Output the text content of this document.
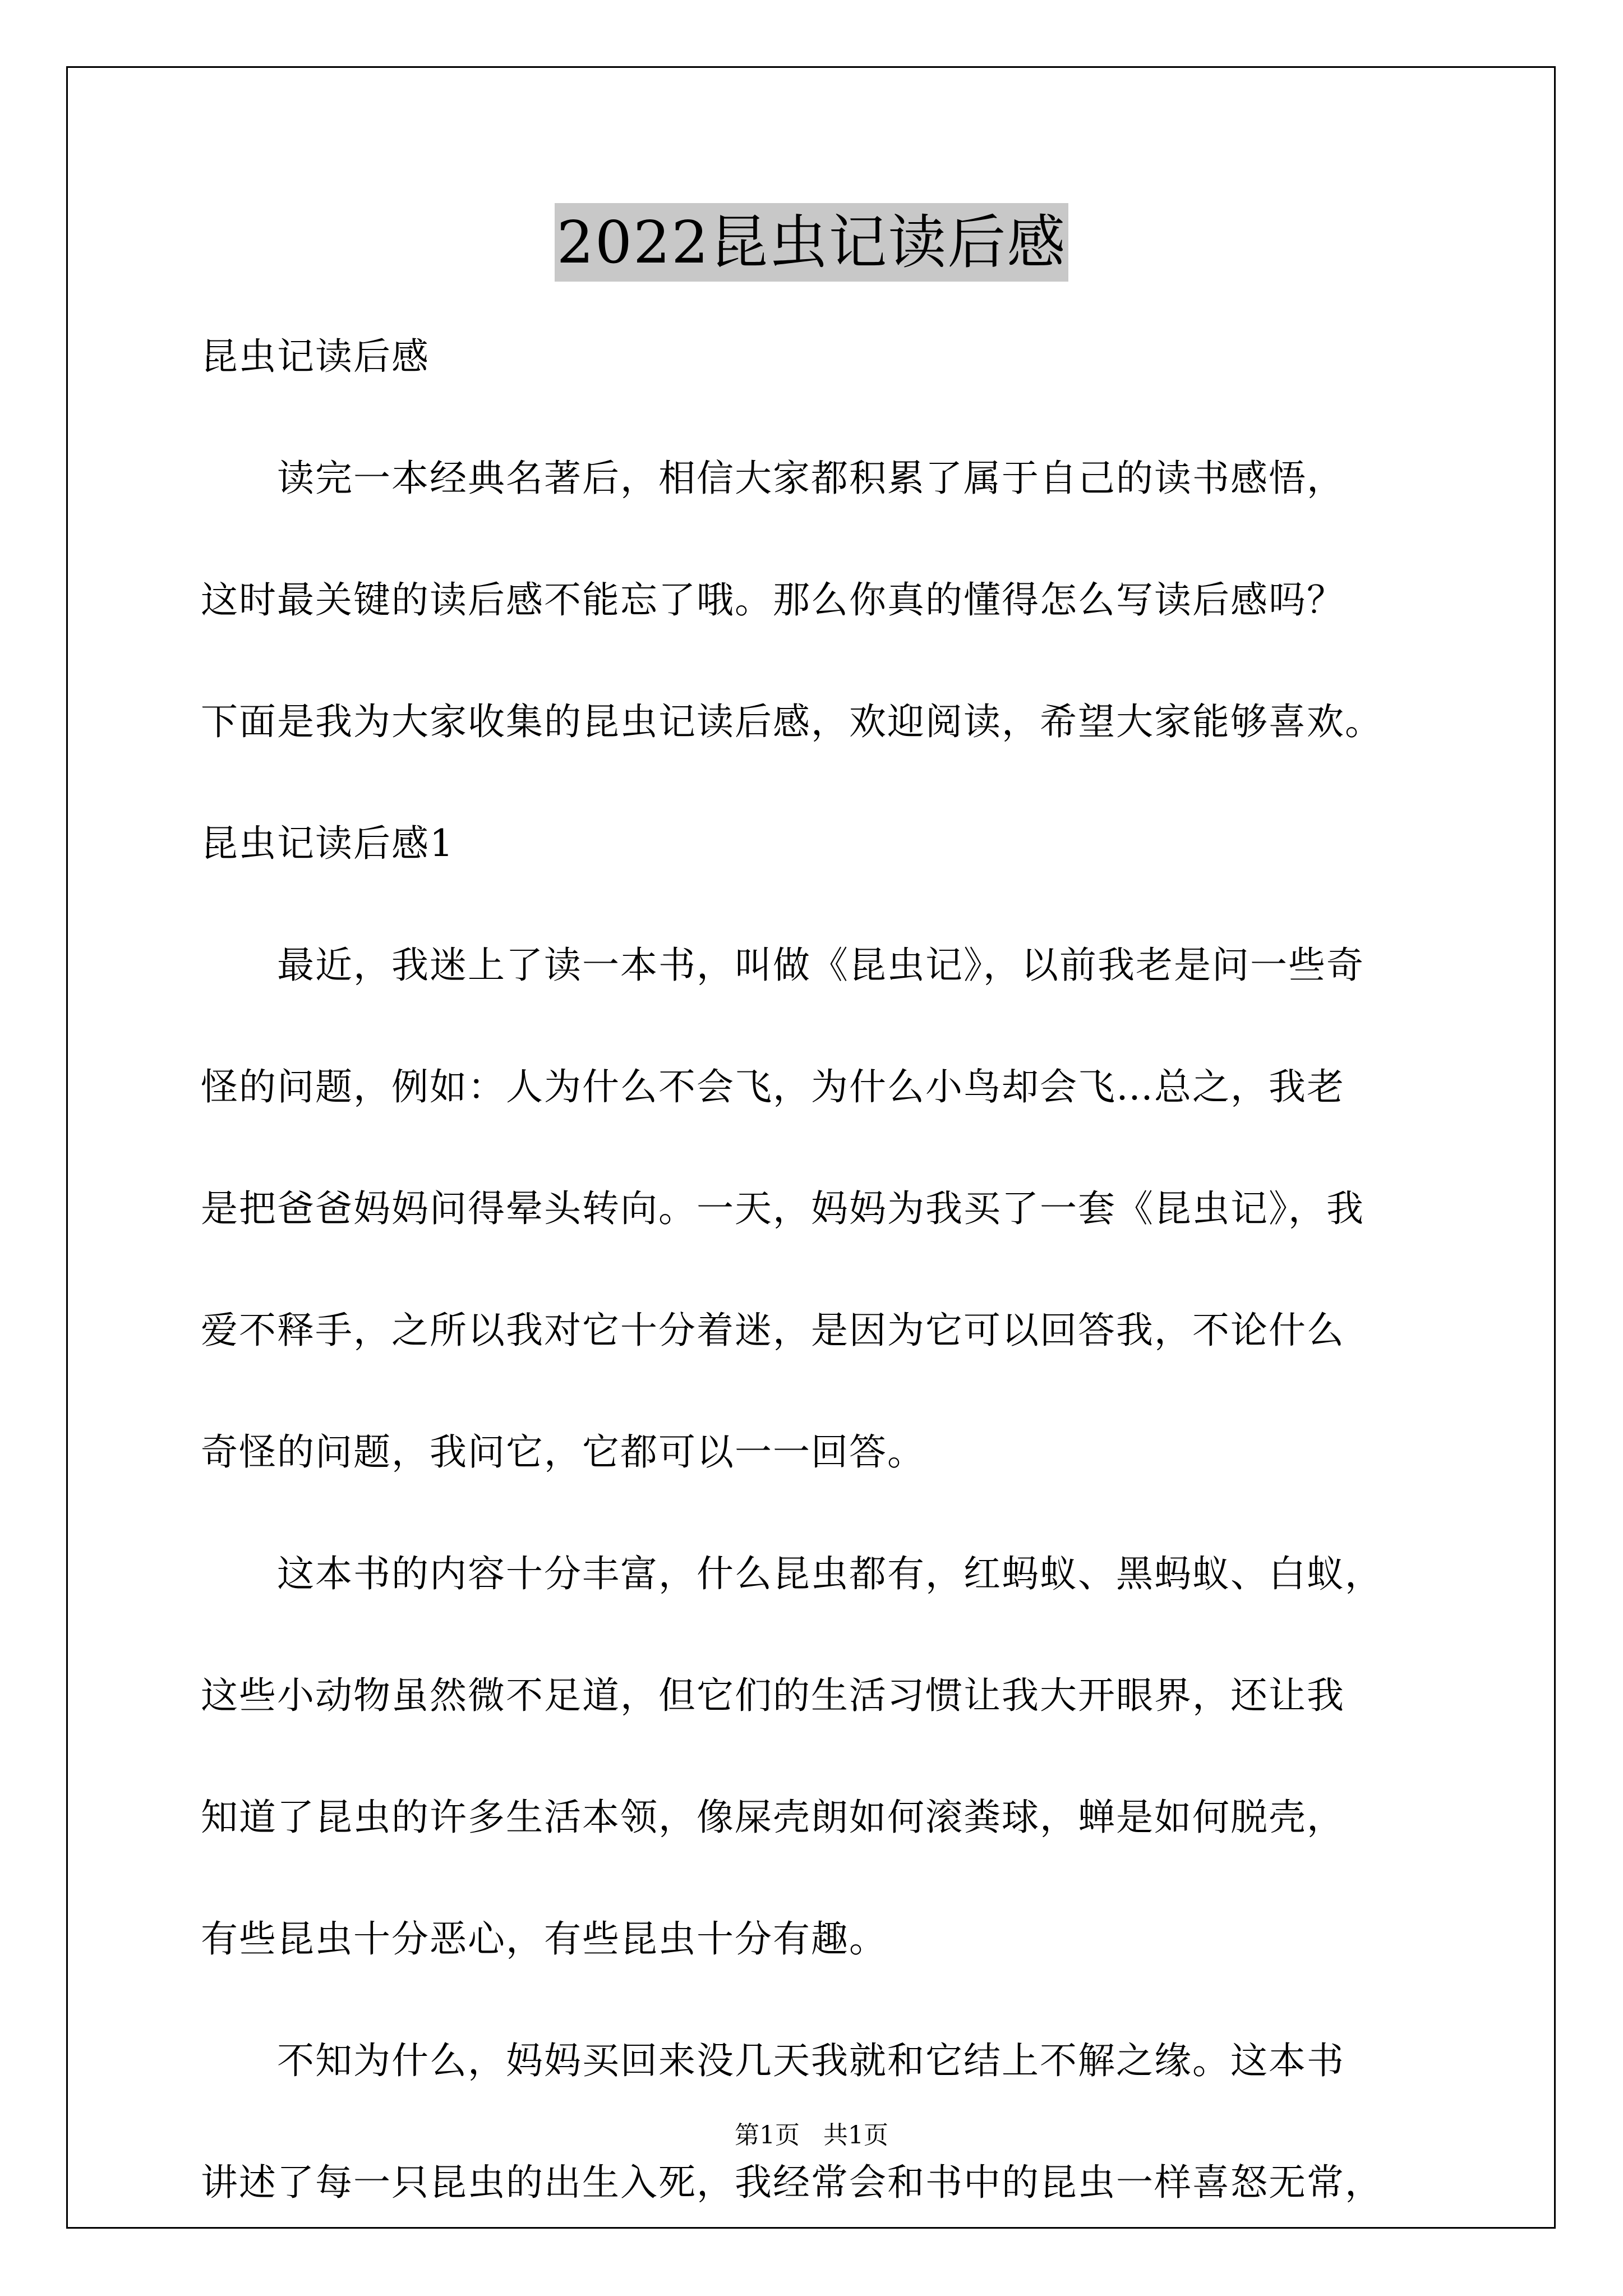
2022昆虫记读后感
昆虫记读后感
　　读完一本经典名著后，相信大家都积累了属于自己的读书感悟，
这时最关键的读后感不能忘了哦。那么你真的懂得怎么写读后感吗？
下面是我为大家收集的昆虫记读后感，欢迎阅读，希望大家能够喜欢。
昆虫记读后感1
　　最近，我迷上了读一本书，叫做《昆虫记》，以前我老是问一些奇
怪的问题，例如：人为什么不会飞，为什么小鸟却会飞…总之，我老
是把爸爸妈妈问得晕头转向。一天，妈妈为我买了一套《昆虫记》，我
爱不释手，之所以我对它十分着迷，是因为它可以回答我，不论什么
奇怪的问题，我问它，它都可以一一回答。
　　这本书的内容十分丰富，什么昆虫都有，红蚂蚁、黑蚂蚁、白蚁，
这些小动物虽然微不足道，但它们的生活习惯让我大开眼界，还让我
知道了昆虫的许多生活本领，像屎壳朗如何滚粪球，蝉是如何脱壳，
有些昆虫十分恶心，有些昆虫十分有趣。
　　不知为什么，妈妈买回来没几天我就和它结上不解之缘。这本书
讲述了每一只昆虫的出生入死，我经常会和书中的昆虫一样喜怒无常，
第1页 共1页
